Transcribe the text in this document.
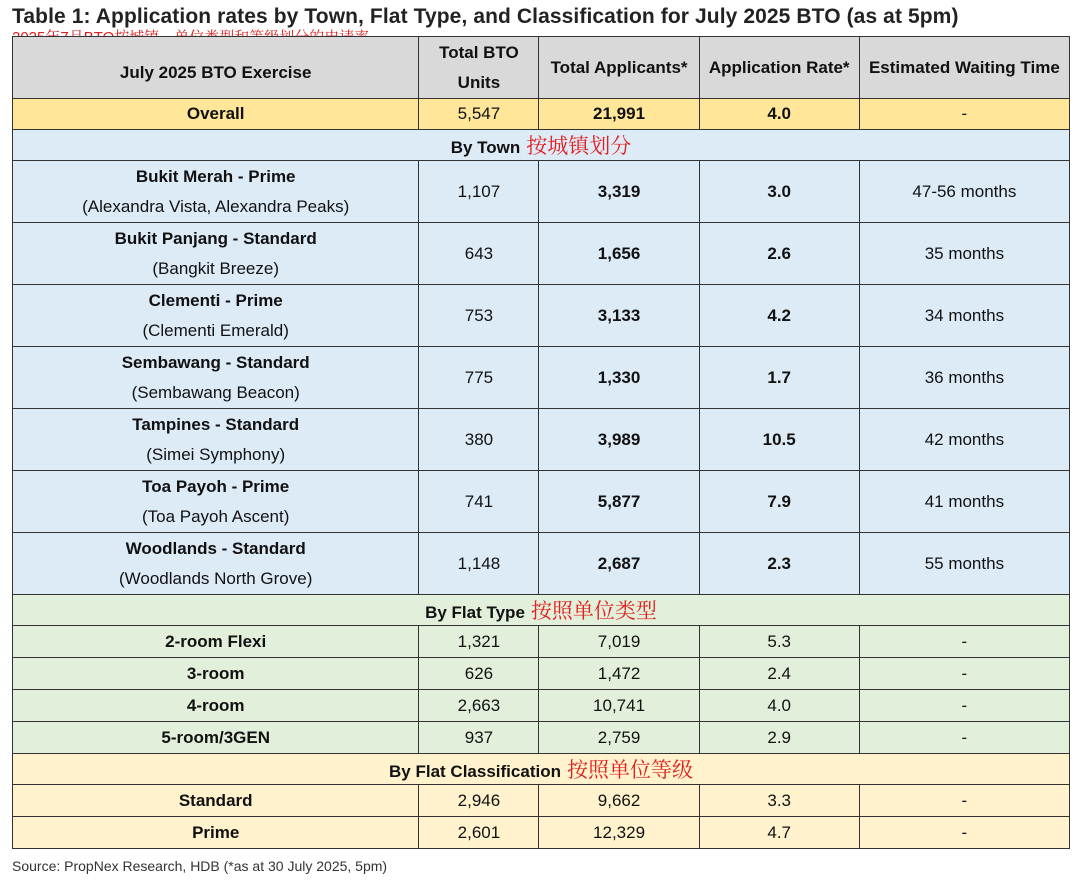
Table 1: Application rates by Town, Flat Type, and Classification for July 2025 BTO (as at 5pm)
July 2025 BTO Exercise	Total BTO Units	Total Applicants*	Application Rate*	Estimated Waiting Time
Overall	5,547	21,991	4.0	-
By Town 按城镇划分				

Bukit Merah - Prime
(Alexandra Vista, Alexandra Peaks)	1,107	3,319	3.0	47-56 months

Bukit Panjang - Standard
(Bangkit Breeze)	643	1,656	2.6	35 months

Clementi - Prime
(Clementi Emerald)	753	3,133	4.2	34 months

Sembawang - Standard
(Sembawang Beacon)	775	1,330	1.7	36 months

Tampines - Standard
(Simei Symphony)	380	3,989	10.5	42 months

Toa Payoh - Prime
(Toa Payoh Ascent)	741	5,877	7.9	41 months

Woodlands - Standard
(Woodlands North Grove)	1,148	2,687	2.3	55 months
By Flat Type 按照单位类型				
2-room Flexi	1,321	7,019	5.3	-
3-room	626	1,472	2.4	-
4-room	2,663	10,741	4.0	-
5-room/3GEN	937	2,759	2.9	-
By Flat Classification 按照单位等级				
Standard	2,946	9,662	3.3	-
Prime	2,601	12,329	4.7	-
Source: PropNex Research, HDB (*as at 30 July 2025, 5pm)
